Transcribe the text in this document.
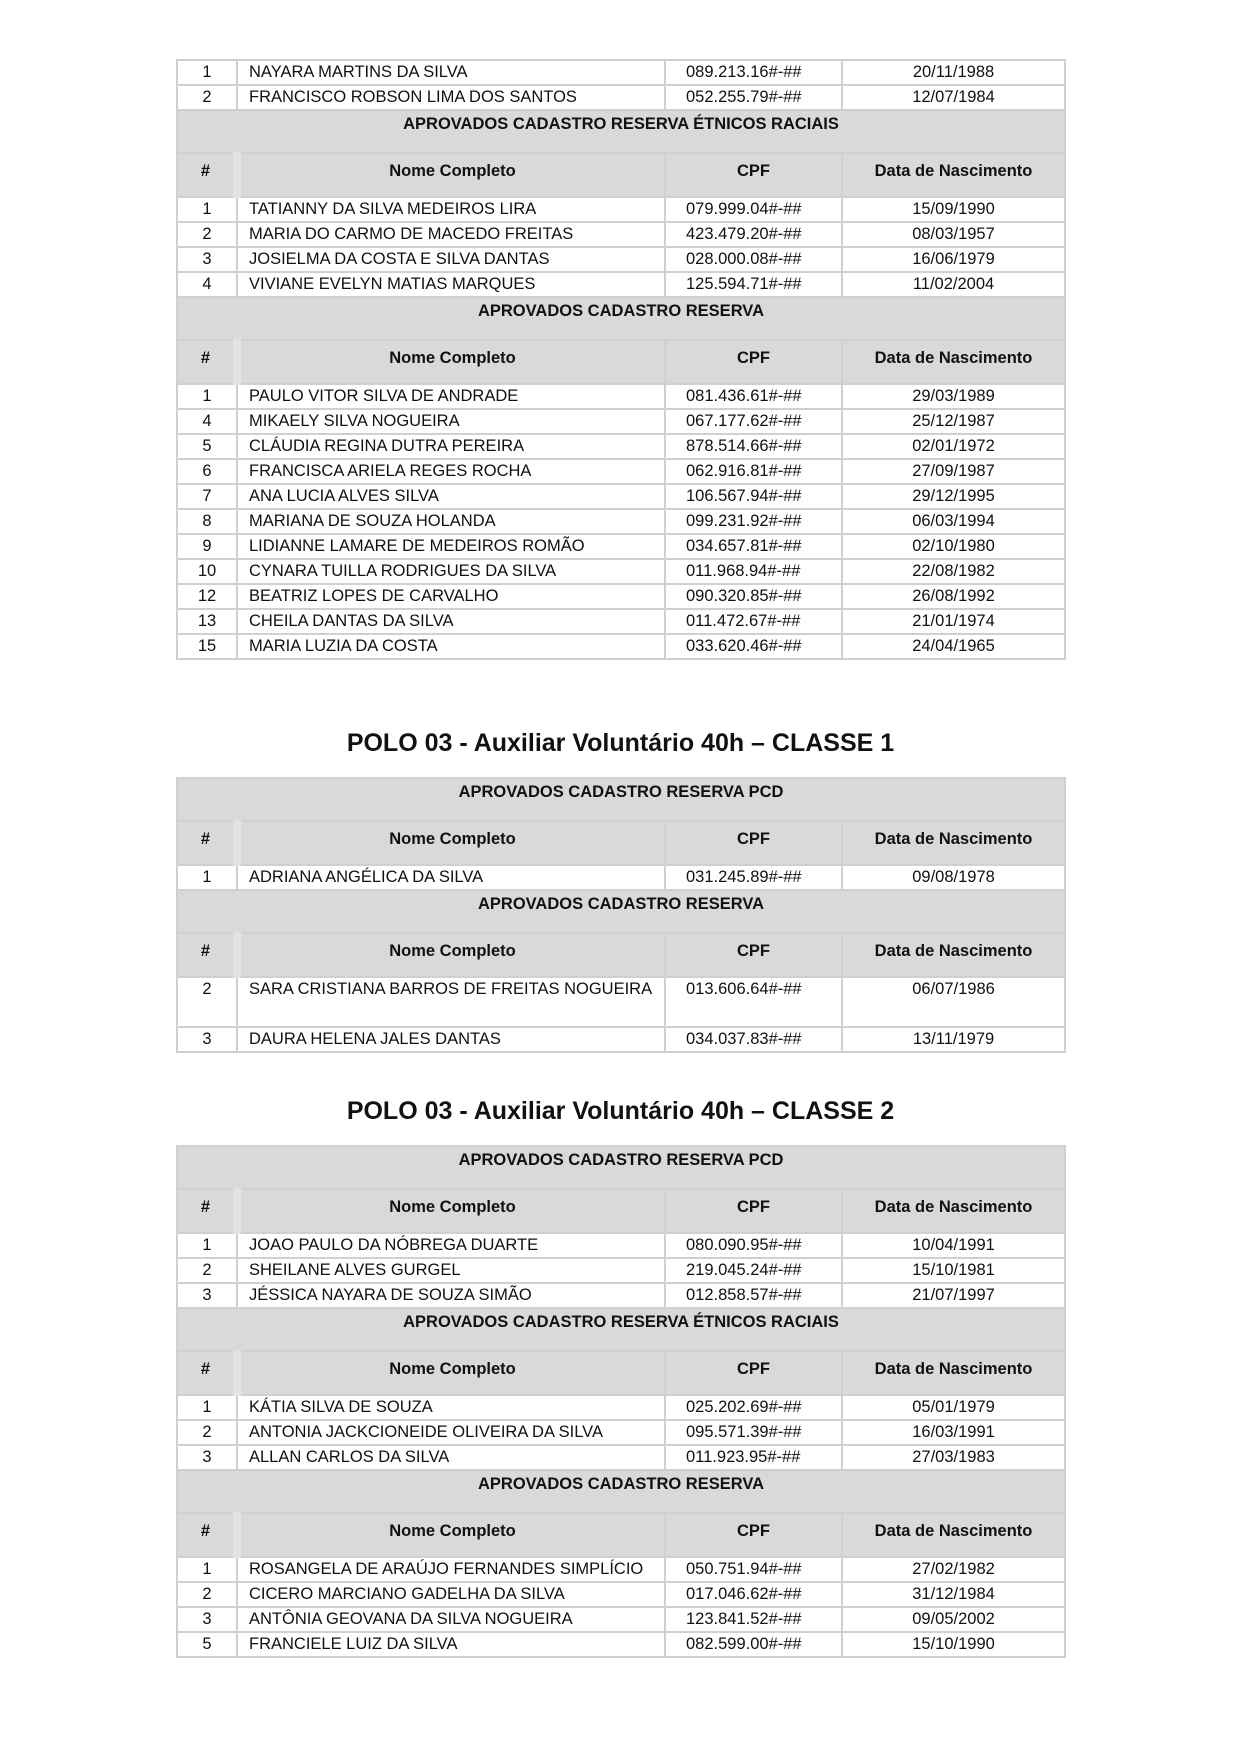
1	NAYARA MARTINS DA SILVA	089.213.16#-##	20/11/1988
2	FRANCISCO ROBSON LIMA DOS SANTOS	052.255.79#-##	12/07/1984
APROVADOS CADASTRO RESERVA ÉTNICOS RACIAIS			
#	Nome Completo	CPF	Data de Nascimento
1	TATIANNY DA SILVA MEDEIROS LIRA	079.999.04#-##	15/09/1990
2	MARIA DO CARMO DE MACEDO FREITAS	423.479.20#-##	08/03/1957
3	JOSIELMA DA COSTA E SILVA DANTAS	028.000.08#-##	16/06/1979
4	VIVIANE EVELYN MATIAS MARQUES	125.594.71#-##	11/02/2004
APROVADOS CADASTRO RESERVA			
#	Nome Completo	CPF	Data de Nascimento
1	PAULO VITOR SILVA DE ANDRADE	081.436.61#-##	29/03/1989
4	MIKAELY SILVA NOGUEIRA	067.177.62#-##	25/12/1987
5	CLÁUDIA REGINA DUTRA PEREIRA	878.514.66#-##	02/01/1972
6	FRANCISCA ARIELA REGES ROCHA	062.916.81#-##	27/09/1987
7	ANA LUCIA ALVES SILVA	106.567.94#-##	29/12/1995
8	MARIANA DE SOUZA HOLANDA	099.231.92#-##	06/03/1994
9	LIDIANNE LAMARE DE MEDEIROS ROMÃO	034.657.81#-##	02/10/1980
10	CYNARA TUILLA RODRIGUES DA SILVA	011.968.94#-##	22/08/1982
12	BEATRIZ LOPES DE CARVALHO	090.320.85#-##	26/08/1992
13	CHEILA DANTAS DA SILVA	011.472.67#-##	21/01/1974
15	MARIA LUZIA DA COSTA	033.620.46#-##	24/04/1965
POLO 03 - Auxiliar Voluntário 40h – CLASSE 1
APROVADOS CADASTRO RESERVA PCD			
#	Nome Completo	CPF	Data de Nascimento
1	ADRIANA ANGÉLICA DA SILVA	031.245.89#-##	09/08/1978
APROVADOS CADASTRO RESERVA			
#	Nome Completo	CPF	Data de Nascimento
2	SARA CRISTIANA BARROS DE FREITAS NOGUEIRA	013.606.64#-##	06/07/1986
3	DAURA HELENA JALES DANTAS	034.037.83#-##	13/11/1979
POLO 03 - Auxiliar Voluntário 40h – CLASSE 2
APROVADOS CADASTRO RESERVA PCD			
#	Nome Completo	CPF	Data de Nascimento
1	JOAO PAULO DA NÓBREGA DUARTE	080.090.95#-##	10/04/1991
2	SHEILANE ALVES GURGEL	219.045.24#-##	15/10/1981
3	JÉSSICA NAYARA DE SOUZA SIMÃO	012.858.57#-##	21/07/1997
APROVADOS CADASTRO RESERVA ÉTNICOS RACIAIS			
#	Nome Completo	CPF	Data de Nascimento
1	KÁTIA SILVA DE SOUZA	025.202.69#-##	05/01/1979
2	ANTONIA JACKCIONEIDE OLIVEIRA DA SILVA	095.571.39#-##	16/03/1991
3	ALLAN CARLOS DA SILVA	011.923.95#-##	27/03/1983
APROVADOS CADASTRO RESERVA			
#	Nome Completo	CPF	Data de Nascimento
1	ROSANGELA DE ARAÚJO FERNANDES SIMPLÍCIO	050.751.94#-##	27/02/1982
2	CICERO MARCIANO GADELHA DA SILVA	017.046.62#-##	31/12/1984
3	ANTÔNIA GEOVANA DA SILVA NOGUEIRA	123.841.52#-##	09/05/2002
5	FRANCIELE LUIZ DA SILVA	082.599.00#-##	15/10/1990
